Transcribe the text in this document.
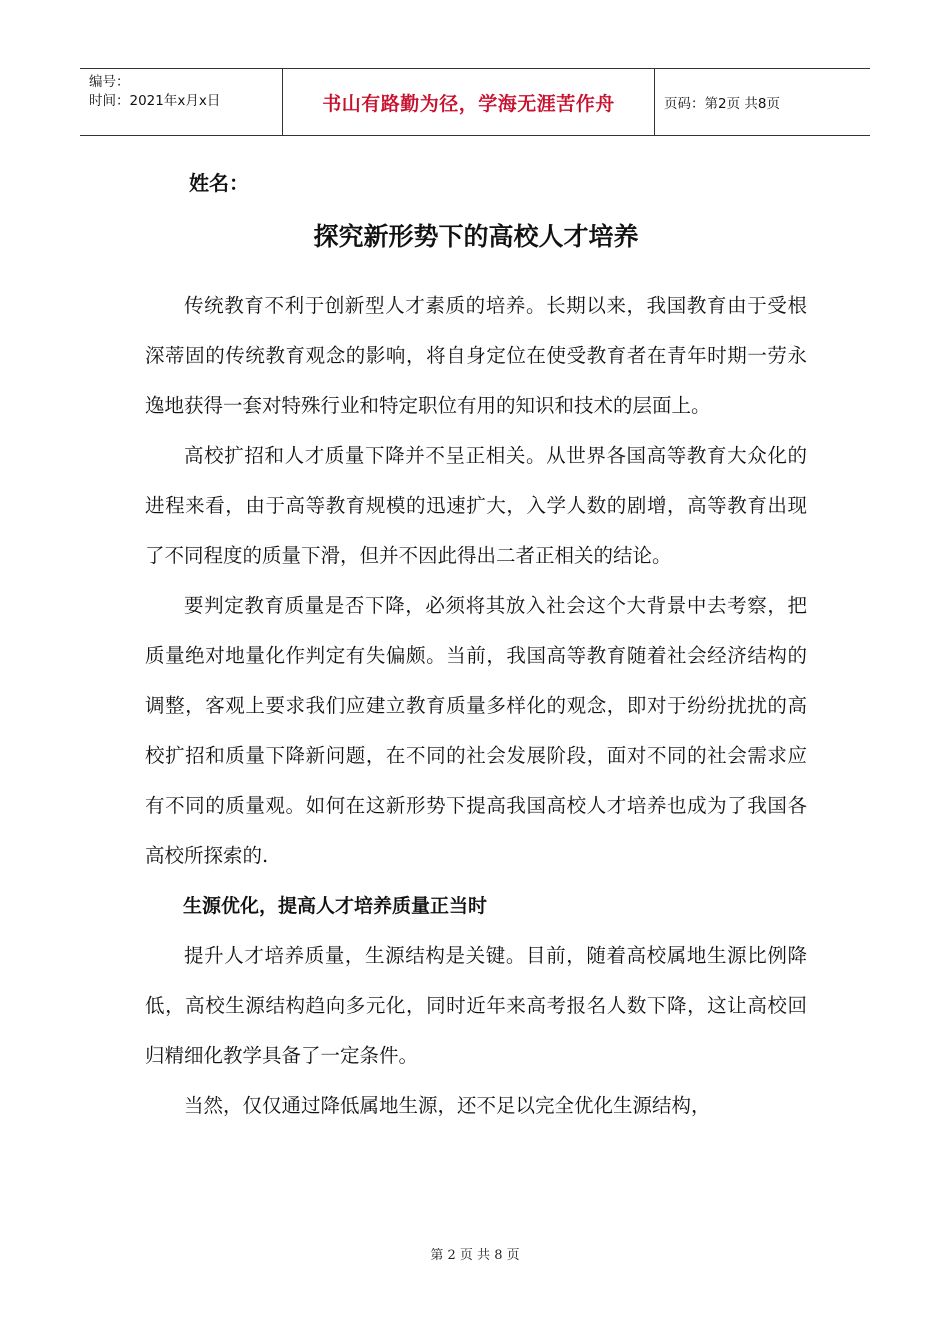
编号：
时间：2021年x月x日	书山有路勤为径，学海无涯苦作舟	页码：第2页 共8页
姓名：
探究新形势下的高校人才培养

传统教育不利于创新型人才素质的培养。长期以来，我国教育由于受根深蒂固的传统教育观念的影响，将自身定位在使受教育者在青年时期一劳永逸地获得一套对特殊行业和特定职位有用的知识和技术的层面上。

高校扩招和人才质量下降并不呈正相关。从世界各国高等教育大众化的进程来看，由于高等教育规模的迅速扩大，入学人数的剧增，高等教育出现了不同程度的质量下滑，但并不因此得出二者正相关的结论。

要判定教育质量是否下降，必须将其放入社会这个大背景中去考察，把质量绝对地量化作判定有失偏颇。当前，我国高等教育随着社会经济结构的调整，客观上要求我们应建立教育质量多样化的观念，即对于纷纷扰扰的高校扩招和质量下降新问题，在不同的社会发展阶段，面对不同的社会需求应有不同的质量观。如何在这新形势下提高我国高校人才培养也成为了我国各高校所探索的.

生源优化，提高人才培养质量正当时

提升人才培养质量，生源结构是关键。目前，随着高校属地生源比例降低，高校生源结构趋向多元化，同时近年来高考报名人数下降，这让高校回归精细化教学具备了一定条件。

当然，仅仅通过降低属地生源，还不足以完全优化生源结构，

第 2 页 共 8 页
